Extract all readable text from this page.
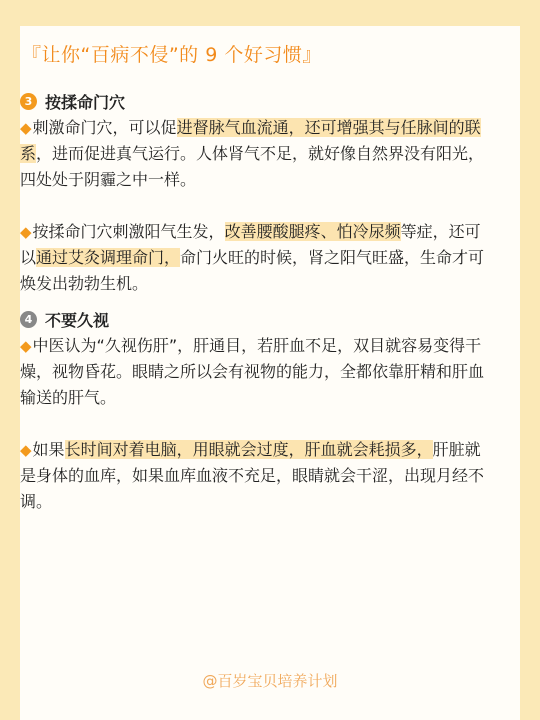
『让你“百病不侵”的 9 个好习惯』
3 按揉命门穴

◆刺激命门穴，可以促进督脉气血流通，还可增强其与任脉间的联系，进而促进真气运行。人体肾气不足，就好像自然界没有阳光，四处处于阴霾之中一样。

◆按揉命门穴刺激阳气生发，改善腰酸腿疼、怕冷尿频等症，还可以通过艾灸调理命门，命门火旺的时候，肾之阳气旺盛，生命才可焕发出勃勃生机。

4 不要久视

◆中医认为“久视伤肝”，肝通目，若肝血不足，双目就容易变得干燥，视物昏花。眼睛之所以会有视物的能力，全都依靠肝精和肝血输送的肝气。

◆如果长时间对着电脑，用眼就会过度，肝血就会耗损多，肝脏就是身体的血库，如果血库血液不充足，眼睛就会干涩，出现月经不调。

@百岁宝贝培养计划
